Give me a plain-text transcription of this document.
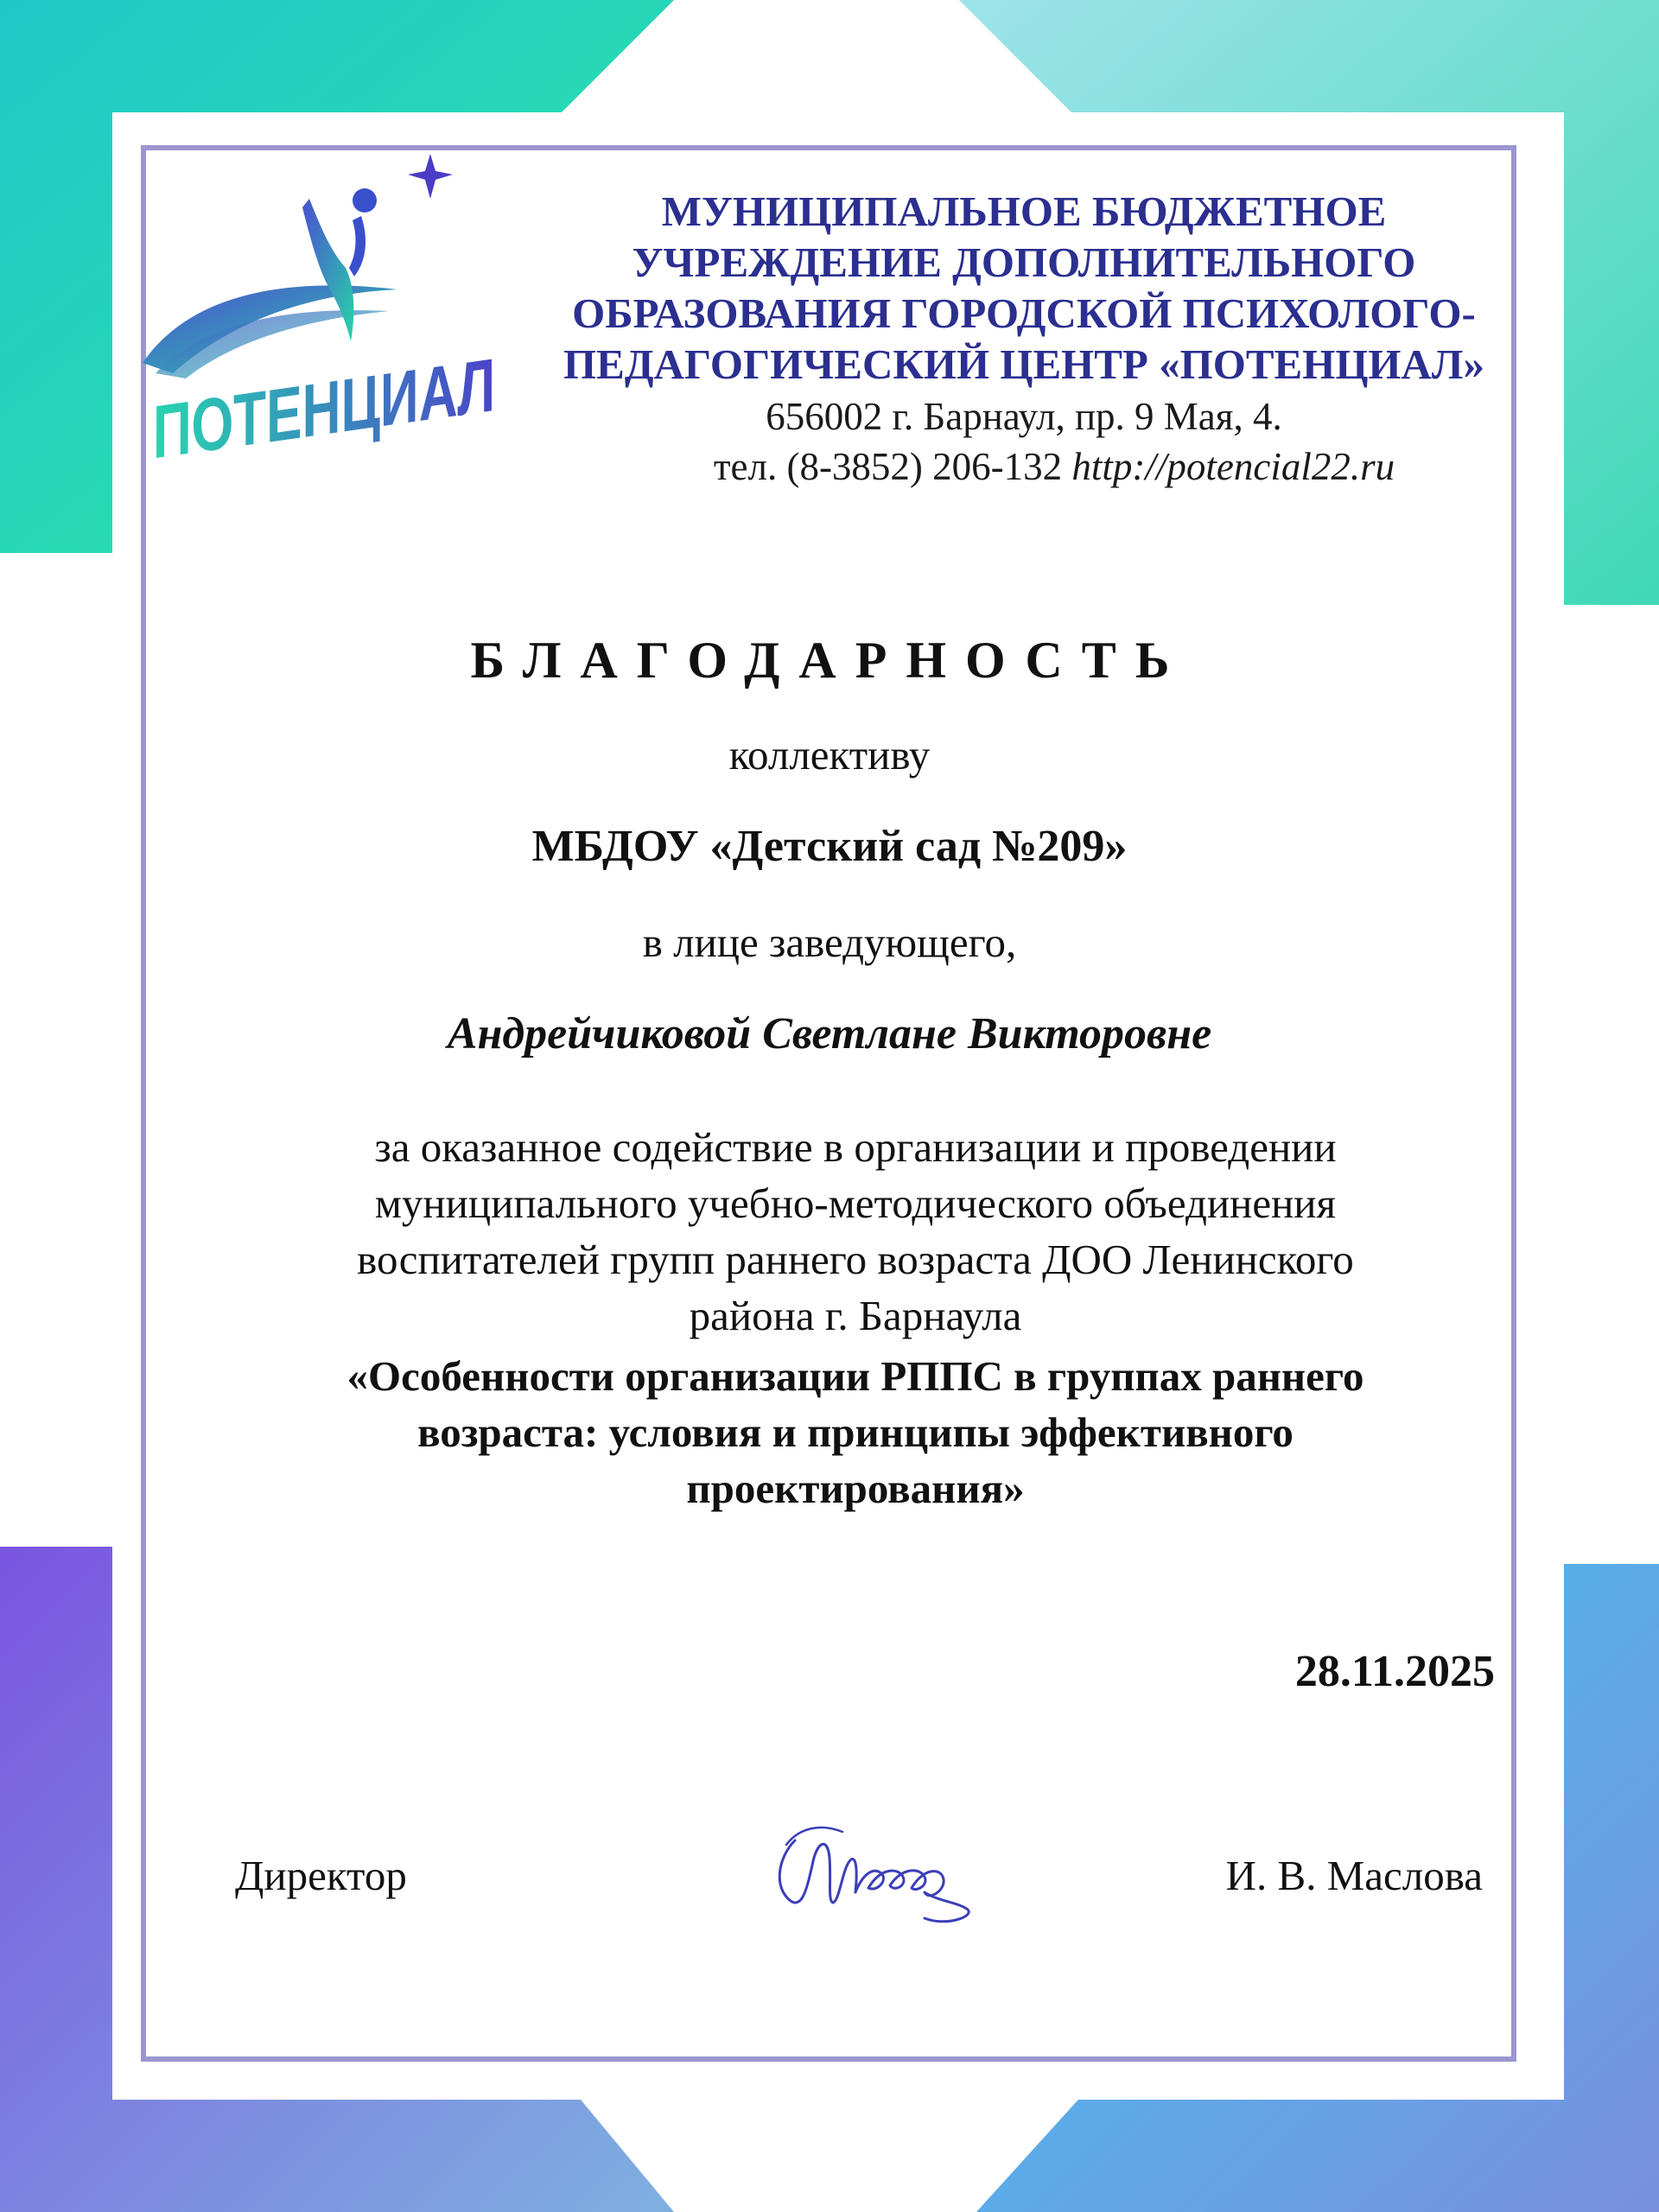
ПОТЕНЦИАЛ
МУНИЦИПАЛЬНОЕ БЮДЖЕТНОЕ
УЧРЕЖДЕНИЕ ДОПОЛНИТЕЛЬНОГО
ОБРАЗОВАНИЯ ГОРОДСКОЙ ПСИХОЛОГО-
ПЕДАГОГИЧЕСКИЙ ЦЕНТР «ПОТЕНЦИАЛ»
656002 г. Барнаул, пр. 9 Мая, 4.
тел. (8-3852) 206-132 http://potencial22.ru
БЛАГОДАРНОСТЬ
коллективу
МБДОУ «Детский сад №209»
в лице заведующего,
Андрейчиковой Светлане Викторовне
за оказанное содействие в организации и проведении
муниципального учебно-методического объединения
воспитателей групп раннего возраста ДОО Ленинского
района г. Барнаула
«Особенности организации РППС в группах раннего
возраста: условия и принципы эффективного
проектирования»
28.11.2025
Директор	И. В. Маслова
